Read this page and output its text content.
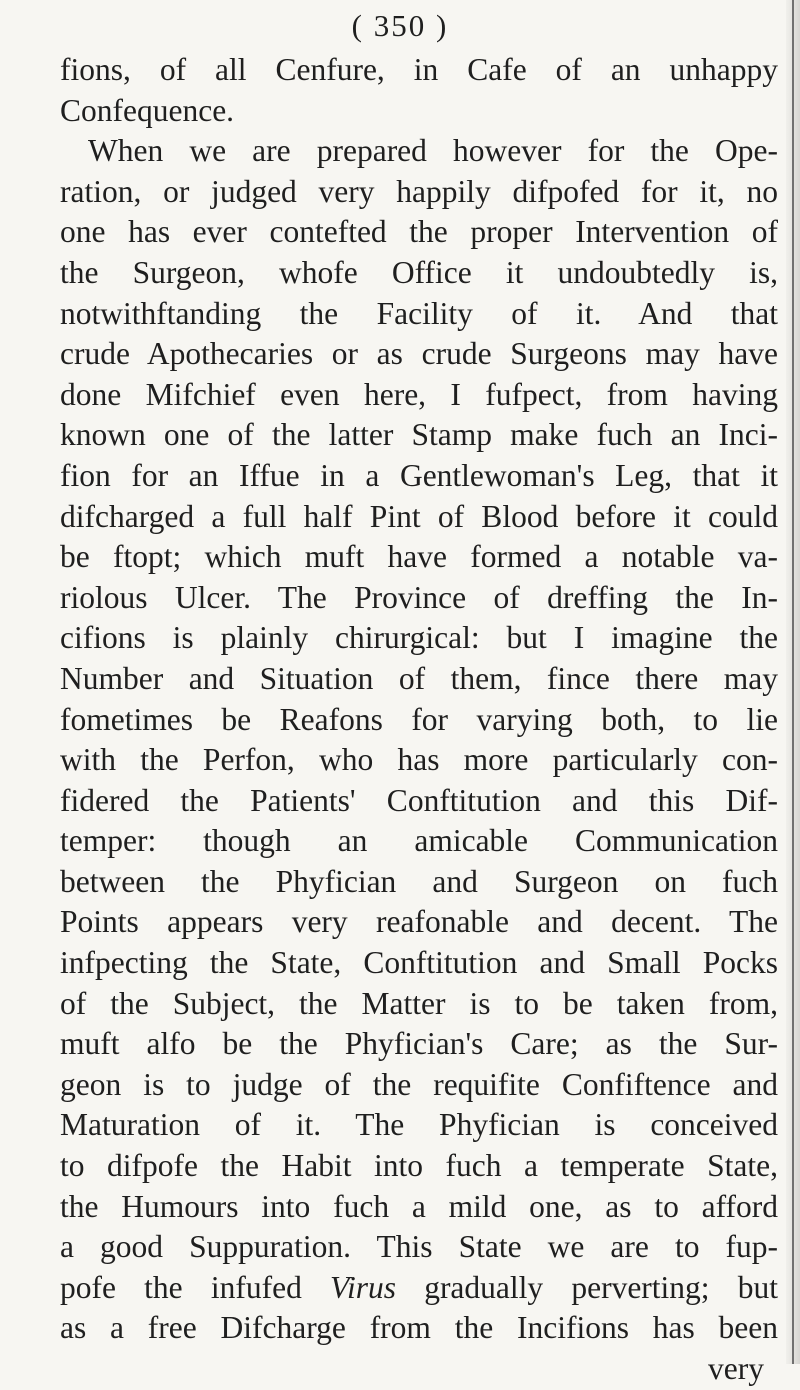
( 350 )
fions, of all Cenfure, in Cafe of an unhappy
Confequence.
When we are prepared however for the Ope-
ration, or judged very happily difpofed for it, no
one has ever contefted the proper Intervention of
the Surgeon, whofe Office it undoubtedly is,
notwithftanding the Facility of it. And that
crude Apothecaries or as crude Surgeons may have
done Mifchief even here, I fufpect, from having
known one of the latter Stamp make fuch an Inci-
fion for an Iffue in a Gentlewoman's Leg, that it
difcharged a full half Pint of Blood before it could
be ftopt; which muft have formed a notable va-
riolous Ulcer. The Province of dreffing the In-
cifions is plainly chirurgical: but I imagine the
Number and Situation of them, fince there may
fometimes be Reafons for varying both, to lie
with the Perfon, who has more particularly con-
fidered the Patients' Conftitution and this Dif-
temper: though an amicable Communication
between the Phyfician and Surgeon on fuch
Points appears very reafonable and decent. The
infpecting the State, Conftitution and Small Pocks
of the Subject, the Matter is to be taken from,
muft alfo be the Phyfician's Care; as the Sur-
geon is to judge of the requifite Confiftence and
Maturation of it. The Phyfician is conceived
to difpofe the Habit into fuch a temperate State,
the Humours into fuch a mild one, as to afford
a good Suppuration. This State we are to fup-
pofe the infufed Virus gradually perverting; but
as a free Difcharge from the Incifions has been
very
